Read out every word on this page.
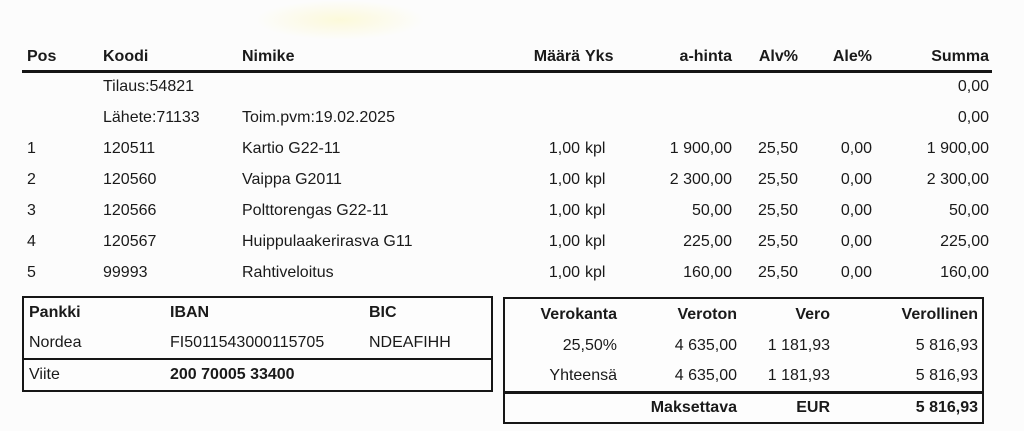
Pos	Koodi	Nimike	Määrä	Yks	a-hinta	Alv%	Ale%	Summa
	Tilaus:54821							0,00
	Lähete:71133	Toim.pvm:19.02.2025						0,00
1	120511	Kartio G22-11	1,00	kpl	1 900,00	25,50	0,00	1 900,00
2	120560	Vaippa G2011	1,00	kpl	2 300,00	25,50	0,00	2 300,00
3	120566	Polttorengas G22-11	1,00	kpl	50,00	25,50	0,00	50,00
4	120567	Huippulaakerirasva G11	1,00	kpl	225,00	25,50	0,00	225,00
5	99993	Rahtiveloitus	1,00	kpl	160,00	25,50	0,00	160,00
Pankki	IBAN	BIC
Nordea	FI5011543000115705	NDEAFIHH
Viite	200 70005 33400
Verokanta	Veroton	Vero	Verollinen
25,50%	4 635,00	1 181,93	5 816,93
Yhteensä	4 635,00	1 181,93	5 816,93
Maksettava	EUR	5 816,93
